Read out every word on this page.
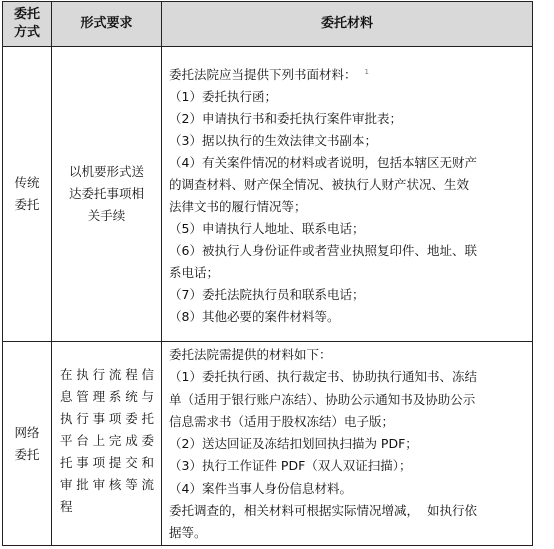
委托
方式
形式要求	委托材料
传统
委托
以机要形式送
达委托事项相
关手续
委托法院应当提供下列书面材料： $^1$
（1）委托执行函；
（2）申请执行书和委托执行案件审批表；
（3）据以执行的生效法律文书副本；
（4）有关案件情况的材料或者说明，包括本辖区无财产
的调查材料、财产保全情况、被执行人财产状况、生效
法律文书的履行情况等；
（5）申请执行人地址、联系电话；
（6）被执行人身份证件或者营业执照复印件、地址、联
系电话；
（7）委托法院执行员和联系电话；
（8）其他必要的案件材料等。
网络
委托
在执行流程信
息管理系统与
执行事项委托
平台上完成委
托事项提交和
审批审核等流
程
委托法院需提供的材料如下：
（1）委托执行函、执行裁定书、协助执行通知书、冻结
单（适用于银行账户冻结）、协助公示通知书及协助公示
信息需求书（适用于股权冻结）电子版；
（2）送达回证及冻结扣划回执扫描为 PDF；
（3）执行工作证件 PDF（双人双证扫描）；
（4）案件当事人身份信息材料。
委托调查的，相关材料可根据实际情况增减，  如执行依
据等。
